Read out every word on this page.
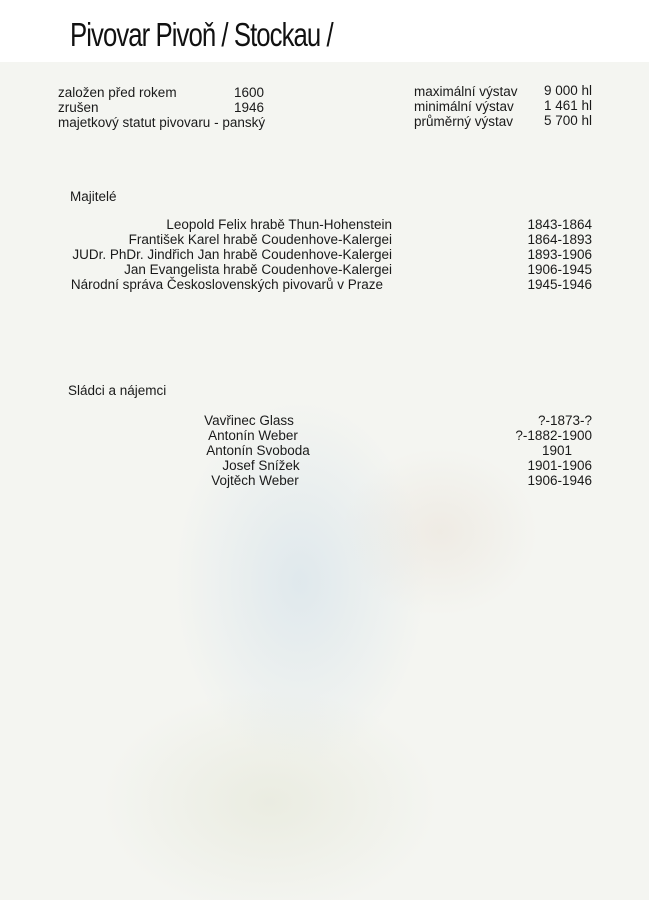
Pivovar Pivoň / Stockau /
založen před rokem	1600
zrušen	1946
majetkový statut pivovaru - panský
maximální výstav	9 000 hl
minimální výstav	1 461 hl
průměrný výstav	5 700 hl
Majitelé
Leopold Felix hrabě Thun-Hohenstein	1843-1864
František Karel hrabě Coudenhove-Kalergei	1864-1893
JUDr. PhDr. Jindřich Jan hrabě Coudenhove-Kalergei	1893-1906
Jan Evangelista hrabě Coudenhove-Kalergei	1906-1945
Národní správa Československých pivovarů v Praze	1945-1946
Sládci a nájemci
Vavřinec Glass	?-1873-?
Antonín Weber	?-1882-1900
Antonín Svoboda	1901
Josef Snížek	1901-1906
Vojtěch Weber	1906-1946
